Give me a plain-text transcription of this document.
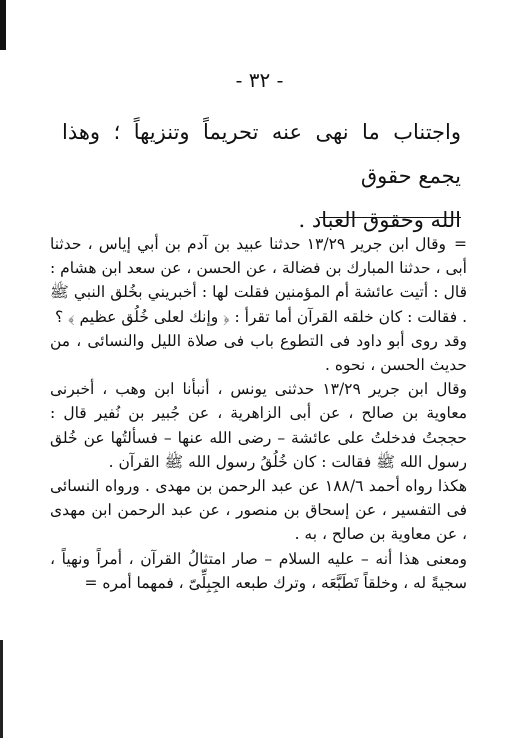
- ٣٢ -

واجتناب ما نهى عنه تحريماً وتنزيهاً ؛ وهذا يجمع حقوق

الله وحقوق العباد .

=وقال ابن جرير ١٣/٢٩ حدثنا عبيد بن آدم بن أبي إياس ، حدثنا أبى ، حدثنا المبارك بن فضالة ، عن الحسن ، عن سعد ابن هشام : قال : أتيت عائشة أم المؤمنين فقلت لها : أخبريني بخُلق النبي ﷺ . فقالت : كان خلقه القرآن أما تقرأ : ﴿ وإنك لعلى خُلُق عظيم ﴾ ؟

وقد روى أبو داود فى التطوع باب فى صلاة الليل والنسائى ، من حديث الحسن ، نحوه .

وقال ابن جرير ١٣/٢٩ حدثنى يونس ، أنبأنا ابن وهب ، أخبرنى معاوية بن صالح ، عن أبى الزاهرية ، عن جُبير بن نُفير قال : حججتُ فدخلتُ على عائشة – رضى الله عنها – فسألتُها عن خُلق رسول الله ﷺ فقالت : كان خُلُقُ رسول الله ﷺ القرآن .

هكذا رواه أحمد ١٨٨/٦ عن عبد الرحمن بن مهدى . ورواه النسائى فى التفسير ، عن إسحاق بن منصور ، عن عبد الرحمن ابن مهدى ، عن معاوية بن صالح ، به .

ومعنى هذا أنه – عليه السلام – صار امتثالُ القرآن ، أمراً ونهياً ، سجيةً له ، وخلقاً تَطَبَّعَه ، وترك طبعه الجِبِلِّىّ ، فمهما أمره =
